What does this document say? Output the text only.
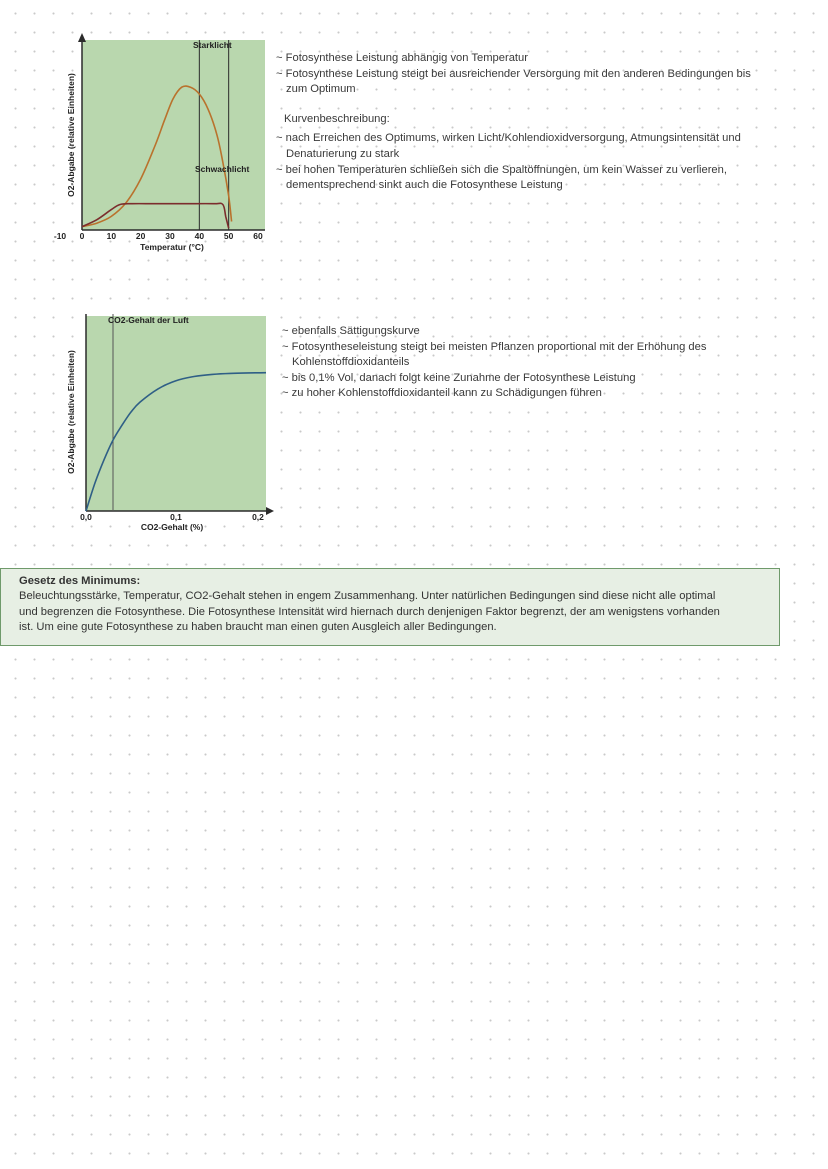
Starklicht
Schwachlicht
-10 0	10 20 30 40 50 60
Temperatur (°C)
O2-Abgabe (relative Einheiten)
~ Fotosynthese Leistung abhängig von Temperatur
~ Fotosynthese Leistung steigt bei ausreichender Versorgung mit den anderen Bedingungen bis
zum Optimum
Kurvenbeschreibung:
~ nach Erreichen des Optimums, wirken Licht/Kohlendioxidversorgung, Atmungsintensität und
Denaturierung zu stark
~ bei hohen Temperaturen schließen sich die Spaltöffnungen, um kein Wasser zu verlieren,
dementsprechend sinkt auch die Fotosynthese Leistung
CO2-Gehalt der Luft
0,0	0,1	0,2
CO2-Gehalt (%)
O2-Abgabe (relative Einheiten)
~ ebenfalls Sättigungskurve
~ Fotosyntheseleistung steigt bei meisten Pflanzen proportional mit der Erhöhung des
Kohlenstoffdioxidanteils
~ bis 0,1% Vol, danach folgt keine Zunahme der Fotosynthese Leistung
~ zu hoher Kohlenstoffdioxidanteil kann zu Schädigungen führen
Gesetz des Minimums:
Beleuchtungsstärke, Temperatur, CO2-Gehalt stehen in engem Zusammenhang. Unter natürlichen Bedingungen sind diese nicht alle optimal
und begrenzen die Fotosynthese. Die Fotosynthese Intensität wird hiernach durch denjenigen Faktor begrenzt, der am wenigstens vorhanden
ist. Um eine gute Fotosynthese zu haben braucht man einen guten Ausgleich aller Bedingungen.
